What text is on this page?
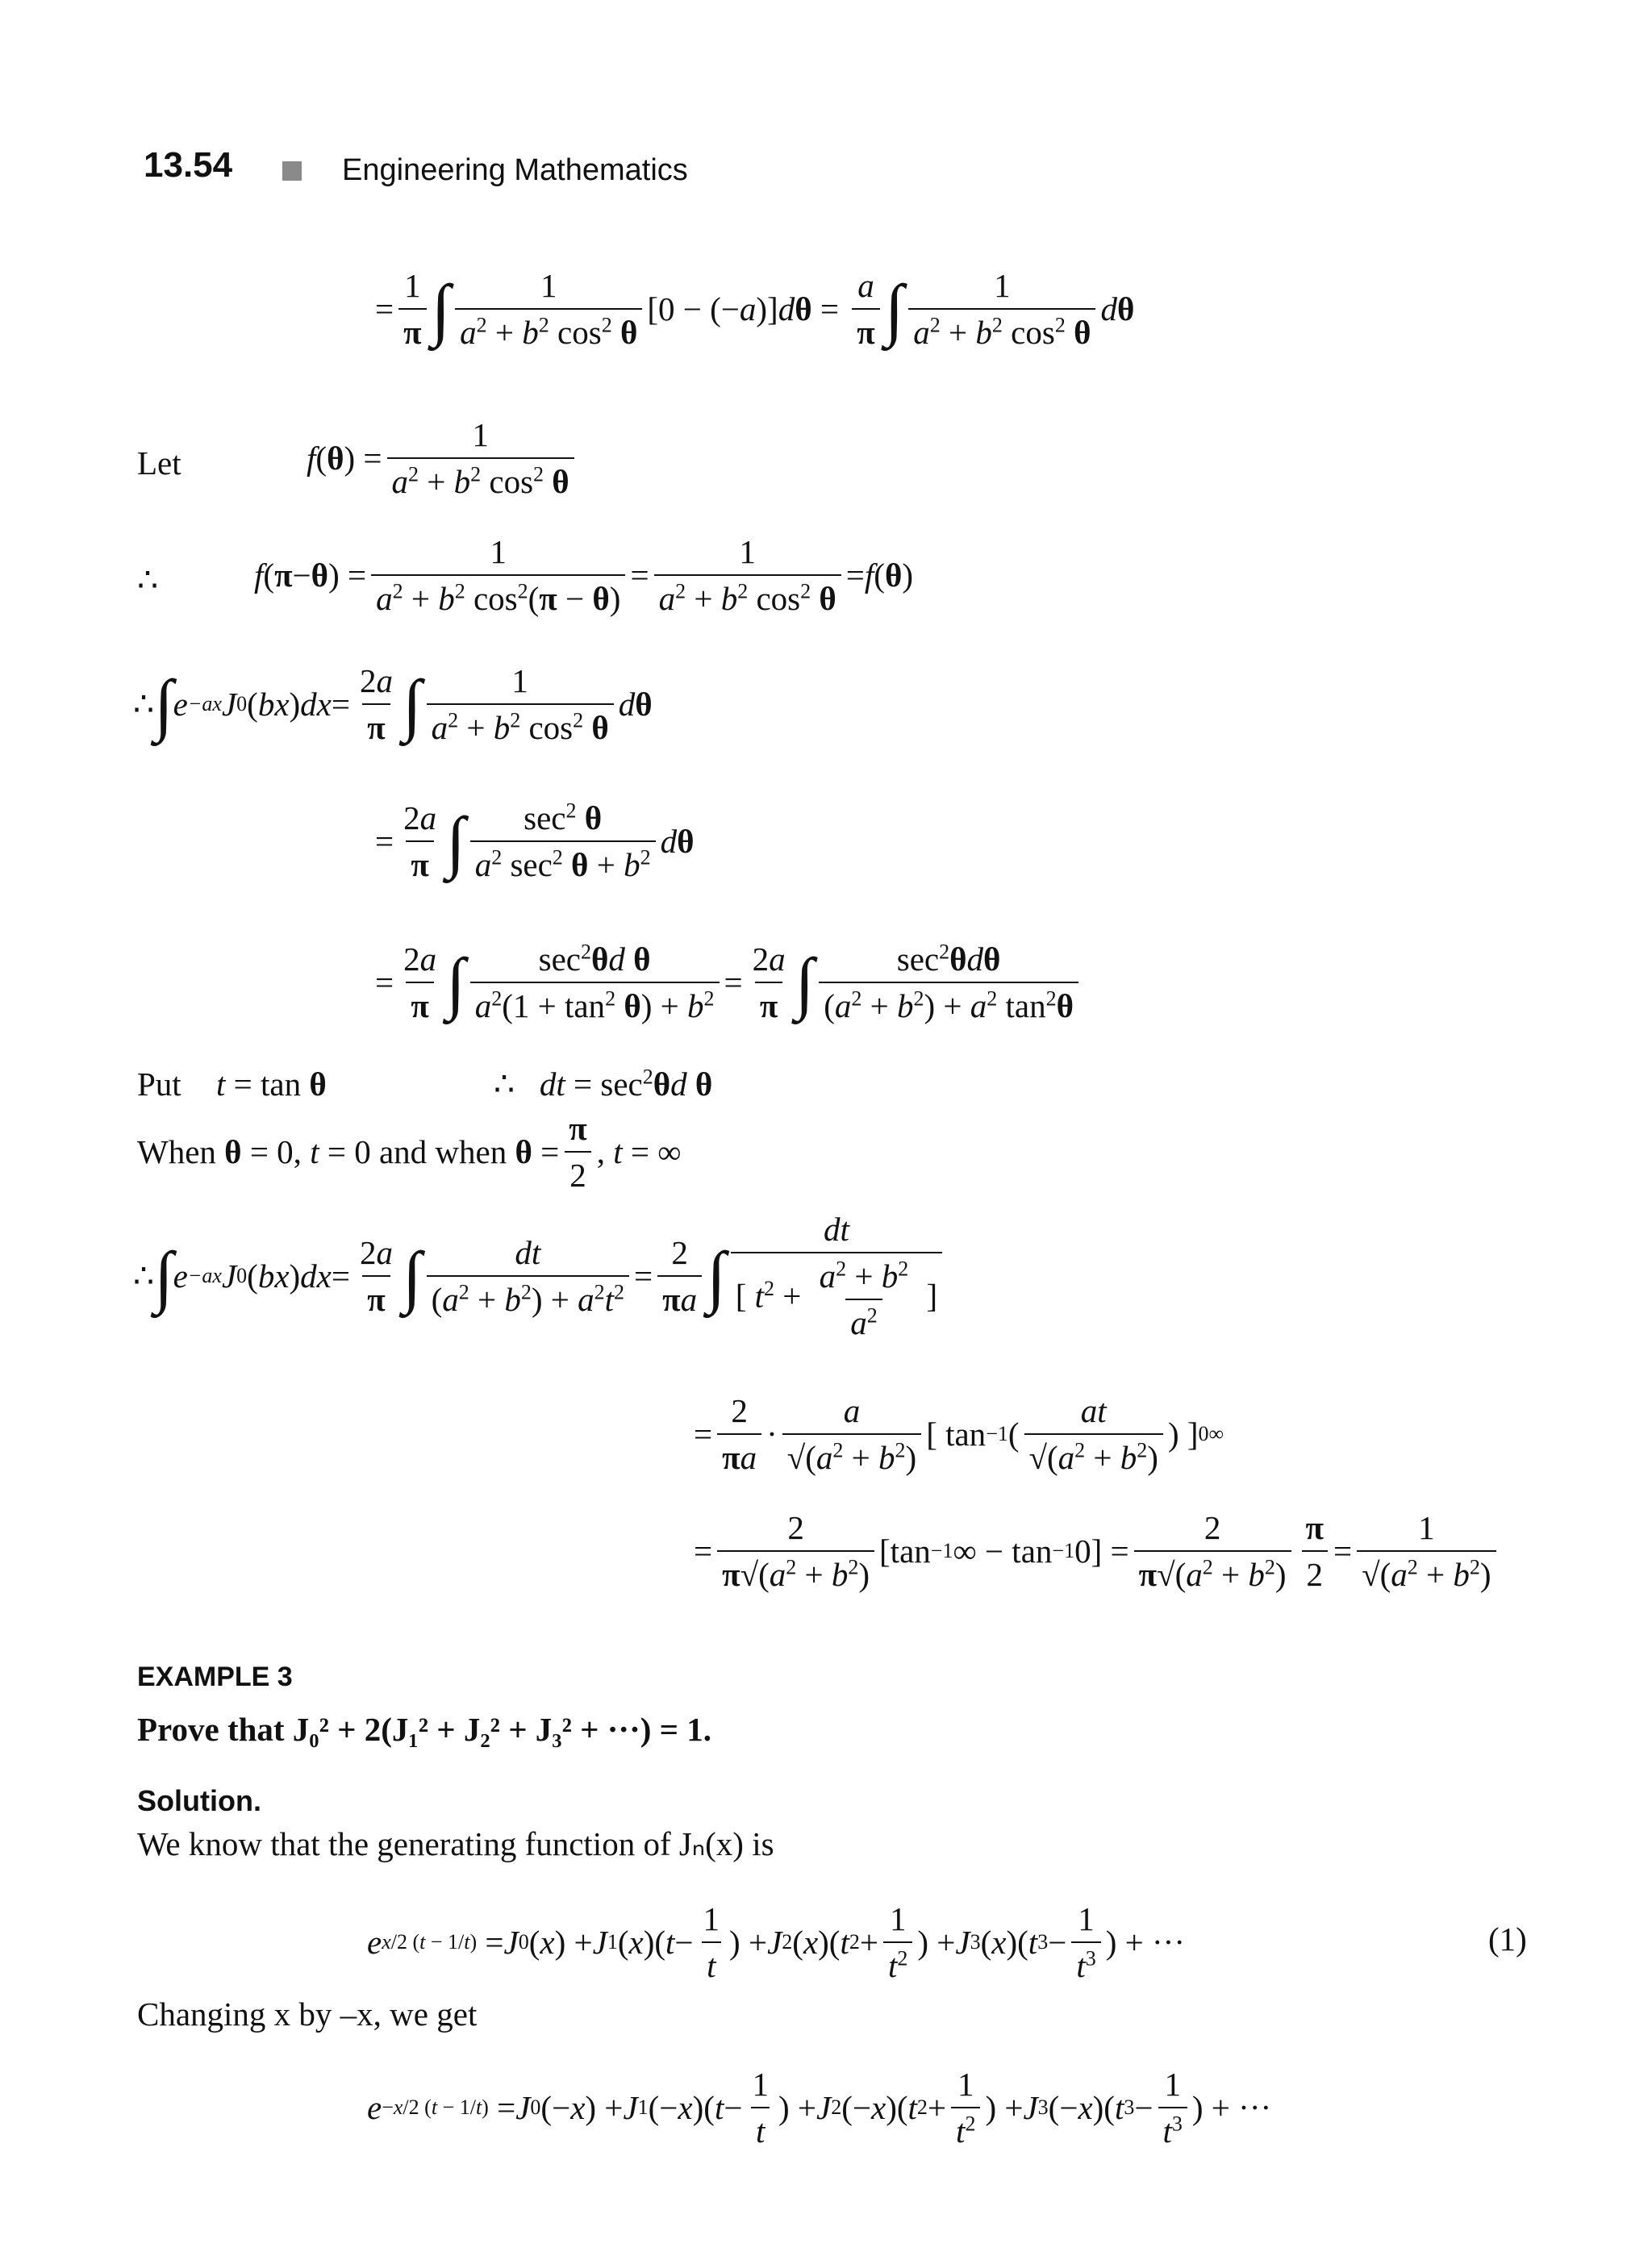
13.54	Engineering Mathematics
= $\frac{1}{\pi}$ ∫ $\frac{1}{a^2 + b^2 \cos^2 \theta} [0$ − (− a )] d $\theta = \frac{a}{\pi}$ ∫ $\frac{1}{a^2 + b^2 \cos^2 \theta}$ d θ
Let	f ( θ ) = $\frac{1}{a^2 + b^2 \cos^2 \theta}$
∴	f ( π − θ ) = $\frac{1}{a^2 + b^2 \cos^2(\pi - \theta)} = \frac{1}{a^2 + b^2 \cos^2 \theta} = f$ ( θ )
∴ ∫ e −ax J 0 ( bx ) dx = $\frac{2a}{\pi}$ ∫ $\frac{1}{a^2 + b^2 \cos^2 \theta}$ d θ
= $\frac{2a}{\pi}$ ∫ $\frac{\sec^2 \theta}{a^2 \sec^2 \theta + b^2}$ d θ
= $\frac{2a}{\pi}$ ∫ $\frac{\sec^2\theta d \theta}{a^2(1 + \tan^2 \theta) + b^2} = \frac{2a}{\pi}$ ∫ $\frac{\sec^2\theta d\theta}{(a^2 + b^2) + a^2 \tan^2\theta}$
Put t = tan θ	∴   dt = $\sec^2\theta d$ θ
When θ = 0, t = 0 and when $\theta = \frac{\pi}{2}$ , t = ∞
∴ ∫ e −ax J 0 ( bx ) dx = $\frac{2a}{\pi}$ ∫ $\frac{dt}{(a^2 + b^2) + a^2t^2} = \frac{2}{\pi a}$ ∫ $\frac{dt}{[ t^2 + \frac{a^2 + b^2}{a^2} ]}$
= $\frac{2}{\pi a} \cdot \frac{a}{√(a^2 + b^2)}$ [ tan −1 ( $\frac{at}{√(a^2 + b^2)}$ ) ] 0 ∞
= $\frac{2}{\pi√(a^2 + b^2)} [\tan -1$ ∞ − tan −1 $0] = \frac{2}{\pi√(a^2 + b^2)} \frac{\pi}{2} = \frac{1}{√(a^2 + b^2)}$
EXAMPLE 3
Prove that J₀² + 2(J₁² + J₂² + J₃² + ···) = 1.
Solution.
We know that the generating function of Jₙ(x) is
e x/2 (t − 1/t) = J 0 ( x ) + J 1 ( x )( $t - \frac{1}{t}$ ) + J 2 ( x )( t $2 + \frac{1}{t^2}$ ) + J 3 ( x )( t $3 - \frac{1}{t^3}$ ) + ···	(1)
Changing x by –x, we get
e −x/2 (t − 1/t) = J 0 (− x ) + J 1 (− x )( $t - \frac{1}{t}$ ) + J 2 (− x )( t $2 + \frac{1}{t^2}$ ) + J 3 (− x )( t $3 - \frac{1}{t^3}$ ) + ···
